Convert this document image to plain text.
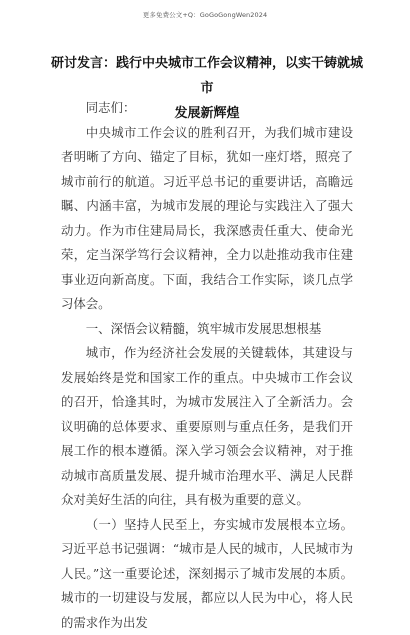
更多免费公文+Q：GoGoGongWen2024
研讨发言：践行中央城市工作会议精神，以实干铸就城市
发展新辉煌

同志们：

中央城市工作会议的胜利召开，为我们城市建设者明晰了方向、锚定了目标，犹如一座灯塔，照亮了城市前行的航道。习近平总书记的重要讲话，高瞻远瞩、内涵丰富，为城市发展的理论与实践注入了强大动力。作为市住建局局长，我深感责任重大、使命光荣，定当深学笃行会议精神，全力以赴推动我市住建事业迈向新高度。下面，我结合工作实际，谈几点学习体会。

一、深悟会议精髓，筑牢城市发展思想根基

城市，作为经济社会发展的关键载体，其建设与发展始终是党和国家工作的重点。中央城市工作会议的召开，恰逢其时，为城市发展注入了全新活力。会议明确的总体要求、重要原则与重点任务，是我们开展工作的根本遵循。深入学习领会会议精神，对于推动城市高质量发展、提升城市治理水平、满足人民群众对美好生活的向往，具有极为重要的意义。

（一）坚持人民至上，夯实城市发展根本立场。习近平总书记强调：“城市是人民的城市，人民城市为人民。”这一重要论述，深刻揭示了城市发展的本质。城市的一切建设与发展，都应以人民为中心，将人民的需求作为出发
